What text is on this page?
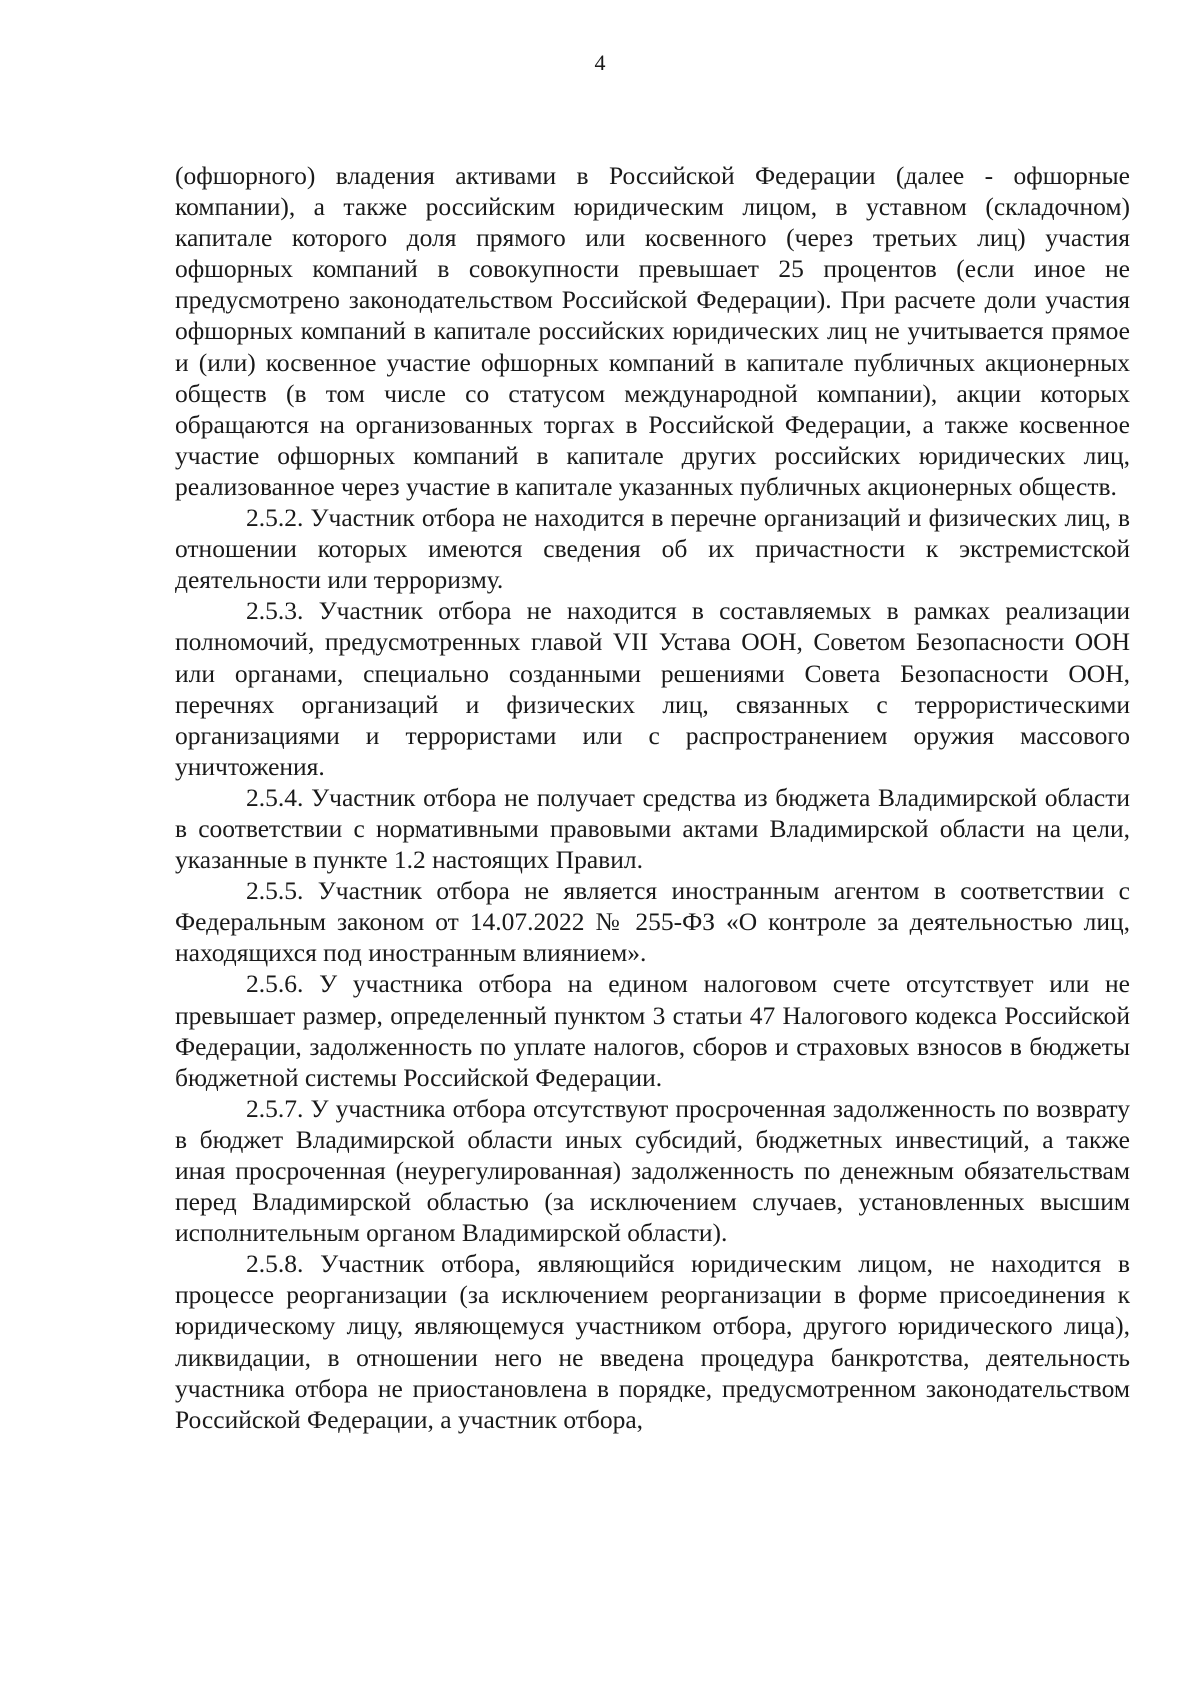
4

(офшорного) владения активами в Российской Федерации (далее - офшорные компании), а также российским юридическим лицом, в уставном (складочном) капитале которого доля прямого или косвенного (через третьих лиц) участия офшорных компаний в совокупности превышает 25 процентов (если иное не предусмотрено законодательством Российской Федерации). При расчете доли участия офшорных компаний в капитале российских юридических лиц не учитывается прямое и (или) косвенное участие офшорных компаний в капитале публичных акционерных обществ (в том числе со статусом международной компании), акции которых обращаются на организованных торгах в Российской Федерации, а также косвенное участие офшорных компаний в капитале других российских юридических лиц, реализованное через участие в капитале указанных публичных акционерных обществ.

2.5.2. Участник отбора не находится в перечне организаций и физических лиц, в отношении которых имеются сведения об их причастности к экстремистской деятельности или терроризму.

2.5.3. Участник отбора не находится в составляемых в рамках реализации полномочий, предусмотренных главой VII Устава ООН, Советом Безопасности ООН или органами, специально созданными решениями Совета Безопасности ООН, перечнях организаций и физических лиц, связанных с террористическими организациями и террористами или с распространением оружия массового уничтожения.

2.5.4. Участник отбора не получает средства из бюджета Владимирской области в соответствии с нормативными правовыми актами Владимирской области на цели, указанные в пункте 1.2 настоящих Правил.

2.5.5. Участник отбора не является иностранным агентом в соответствии с Федеральным законом от 14.07.2022 № 255-ФЗ «О контроле за деятельностью лиц, находящихся под иностранным влиянием».

2.5.6. У участника отбора на едином налоговом счете отсутствует или не превышает размер, определенный пунктом 3 статьи 47 Налогового кодекса Российской Федерации, задолженность по уплате налогов, сборов и страховых взносов в бюджеты бюджетной системы Российской Федерации.

2.5.7. У участника отбора отсутствуют просроченная задолженность по возврату в бюджет Владимирской области иных субсидий, бюджетных инвестиций, а также иная просроченная (неурегулированная) задолженность по денежным обязательствам перед Владимирской областью (за исключением случаев, установленных высшим исполнительным органом Владимирской области).

2.5.8. Участник отбора, являющийся юридическим лицом, не находится в процессе реорганизации (за исключением реорганизации в форме присоединения к юридическому лицу, являющемуся участником отбора, другого юридического лица), ликвидации, в отношении него не введена процедура банкротства, деятельность участника отбора не приостановлена в порядке, предусмотренном законодательством Российской Федерации, а участник отбора,
